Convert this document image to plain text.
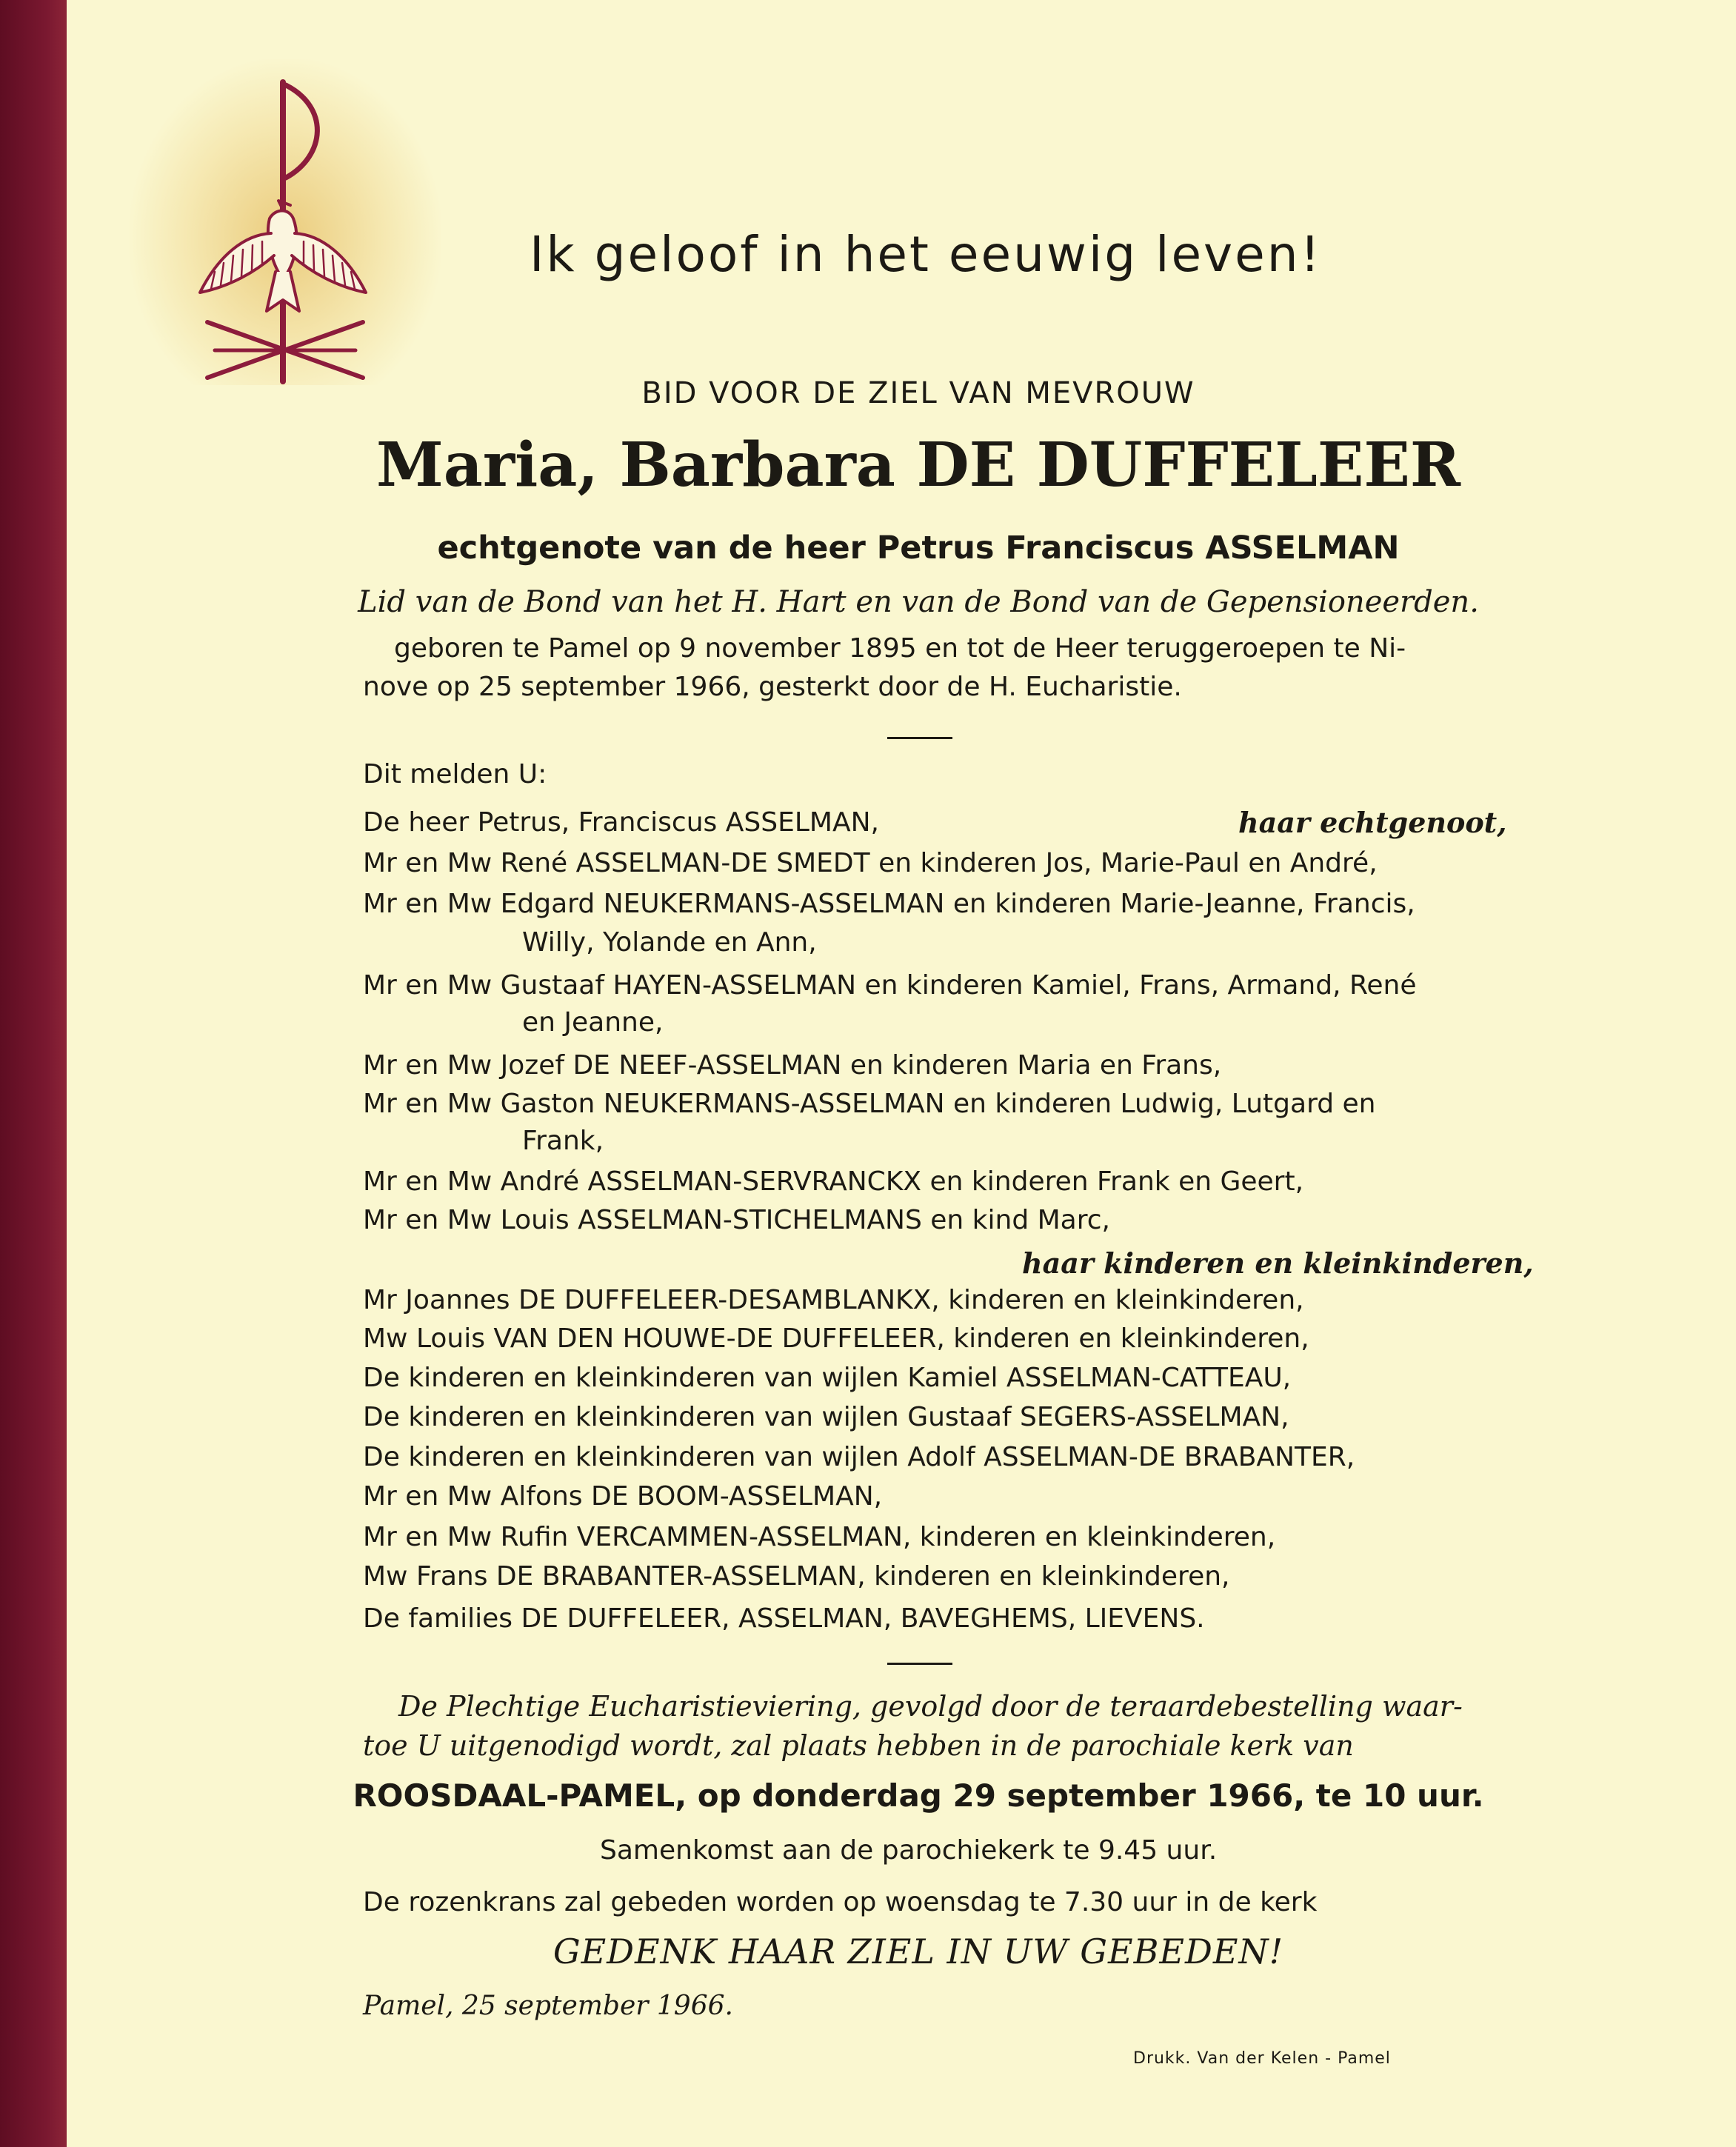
Ik geloof in het eeuwig leven!
BID VOOR DE ZIEL VAN MEVROUW
Maria, Barbara DE DUFFELEER
echtgenote van de heer Petrus Franciscus ASSELMAN
Lid van de Bond van het H. Hart en van de Bond van de Gepensioneerden.
geboren te Pamel op 9 november 1895 en tot de Heer teruggeroepen te Ni-
nove op 25 september 1966, gesterkt door de H. Eucharistie.
Dit melden U:
De heer Petrus, Franciscus ASSELMAN,	haar echtgenoot,
Mr en Mw René ASSELMAN-DE SMEDT en kinderen Jos, Marie-Paul en André,
Mr en Mw Edgard NEUKERMANS-ASSELMAN en kinderen Marie-Jeanne, Francis,
Willy, Yolande en Ann,
Mr en Mw Gustaaf HAYEN-ASSELMAN en kinderen Kamiel, Frans, Armand, René
en Jeanne,
Mr en Mw Jozef DE NEEF-ASSELMAN en kinderen Maria en Frans,
Mr en Mw Gaston NEUKERMANS-ASSELMAN en kinderen Ludwig, Lutgard en
Frank,
Mr en Mw André ASSELMAN-SERVRANCKX en kinderen Frank en Geert,
Mr en Mw Louis ASSELMAN-STICHELMANS en kind Marc,
haar kinderen en kleinkinderen,
Mr Joannes DE DUFFELEER-DESAMBLANKX, kinderen en kleinkinderen,
Mw Louis VAN DEN HOUWE-DE DUFFELEER, kinderen en kleinkinderen,
De kinderen en kleinkinderen van wijlen Kamiel ASSELMAN-CATTEAU,
De kinderen en kleinkinderen van wijlen Gustaaf SEGERS-ASSELMAN,
De kinderen en kleinkinderen van wijlen Adolf ASSELMAN-DE BRABANTER,
Mr en Mw Alfons DE BOOM-ASSELMAN,
Mr en Mw Rufin VERCAMMEN-ASSELMAN, kinderen en kleinkinderen,
Mw Frans DE BRABANTER-ASSELMAN, kinderen en kleinkinderen,
De families DE DUFFELEER, ASSELMAN, BAVEGHEMS, LIEVENS.
De Plechtige Eucharistieviering, gevolgd door de teraardebestelling waar-
toe U uitgenodigd wordt, zal plaats hebben in de parochiale kerk van
ROOSDAAL-PAMEL, op donderdag 29 september 1966, te 10 uur.
Samenkomst aan de parochiekerk te 9.45 uur.
De rozenkrans zal gebeden worden op woensdag te 7.30 uur in de kerk
GEDENK HAAR ZIEL IN UW GEBEDEN!
Pamel, 25 september 1966.
Drukk. Van der Kelen - Pamel
